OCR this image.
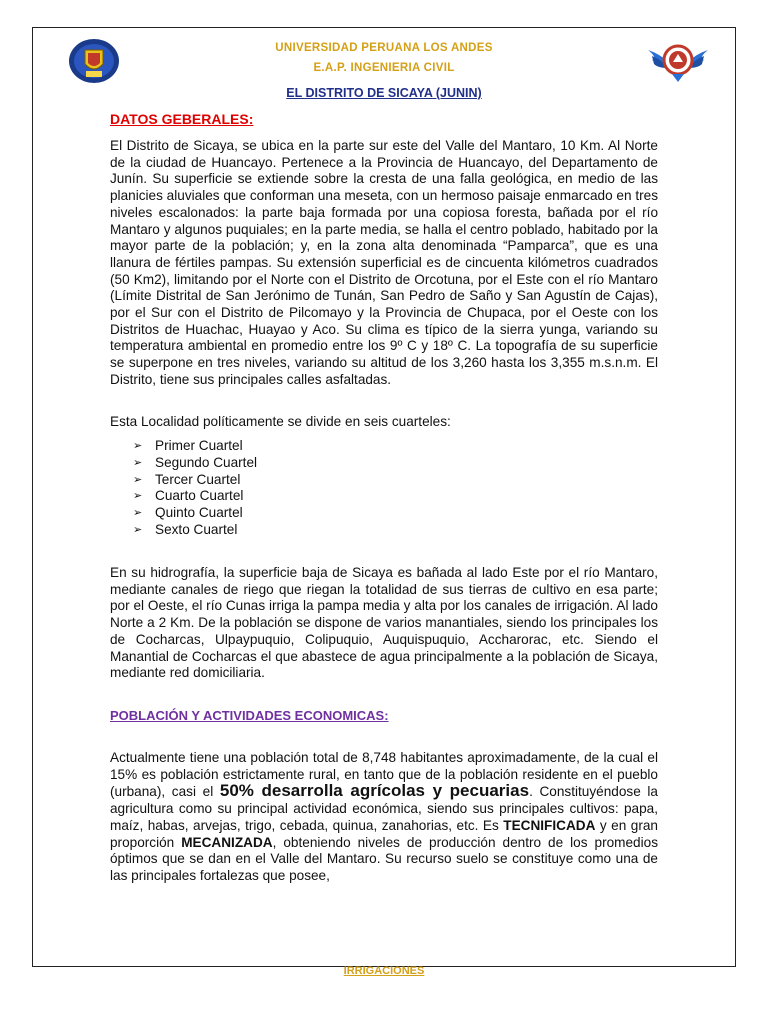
UNIVERSIDAD PERUANA LOS ANDES
E.A.P. INGENIERIA CIVIL
EL DISTRITO DE SICAYA (JUNIN)
DATOS GEBERALES:

El Distrito de Sicaya, se ubica en la parte sur este del Valle del Mantaro, 10 Km. Al Norte de la ciudad de Huancayo. Pertenece a la Provincia de Huancayo, del Departamento de Junín. Su superficie se extiende sobre la cresta de una falla geológica, en medio de las planicies aluviales que conforman una meseta, con un hermoso paisaje enmarcado en tres niveles escalonados: la parte baja formada por una copiosa foresta, bañada por el río Mantaro y algunos puquiales; en la parte media, se halla el centro poblado, habitado por la mayor parte de la población; y, en la zona alta denominada “Pamparca”, que es una llanura de fértiles pampas. Su extensión superficial es de cincuenta kilómetros cuadrados (50 Km2), limitando por el Norte con el Distrito de Orcotuna, por el Este con el río Mantaro (Límite Distrital de San Jerónimo de Tunán, San Pedro de Saño y San Agustín de Cajas), por el Sur con el Distrito de Pilcomayo y la Provincia de Chupaca, por el Oeste con los Distritos de Huachac, Huayao y Aco. Su clima es típico de la sierra yunga, variando su temperatura ambiental en promedio entre los 9º C y 18º C. La topografía de su superficie se superpone en tres niveles, variando su altitud de los 3,260 hasta los 3,355 m.s.n.m. El Distrito, tiene sus principales calles asfaltadas.

Esta Localidad políticamente se divide en seis cuarteles:

➢ Primer Cuartel
➢ Segundo Cuartel
➢ Tercer Cuartel
➢ Cuarto Cuartel
➢ Quinto Cuartel
➢ Sexto Cuartel

En su hidrografía, la superficie baja de Sicaya es bañada al lado Este por el río Mantaro, mediante canales de riego que riegan la totalidad de sus tierras de cultivo en esa parte; por el Oeste, el río Cunas irriga la pampa media y alta por los canales de irrigación. Al lado Norte a 2 Km. De la población se dispone de varios manantiales, siendo los principales los de Cocharcas, Ulpaypuquio, Colipuquio, Auquispuquio, Accharorac, etc. Siendo el Manantial de Cocharcas el que abastece de agua principalmente a la población de Sicaya, mediante red domiciliaria.

POBLACIÓN Y ACTIVIDADES ECONOMICAS:

Actualmente tiene una población total de 8,748 habitantes aproximadamente, de la cual el 15% es población estrictamente rural, en tanto que de la población residente en el pueblo (urbana), casi el 50% desarrolla agrícolas y pecuarias. Constituyéndose la agricultura como su principal actividad económica, siendo sus principales cultivos: papa, maíz, habas, arvejas, trigo, cebada, quinua, zanahorias, etc. Es TECNIFICADA y en gran proporción MECANIZADA, obteniendo niveles de producción dentro de los promedios óptimos que se dan en el Valle del Mantaro. Su recurso suelo se constituye como una de las principales fortalezas que posee,

IRRIGACIONES
